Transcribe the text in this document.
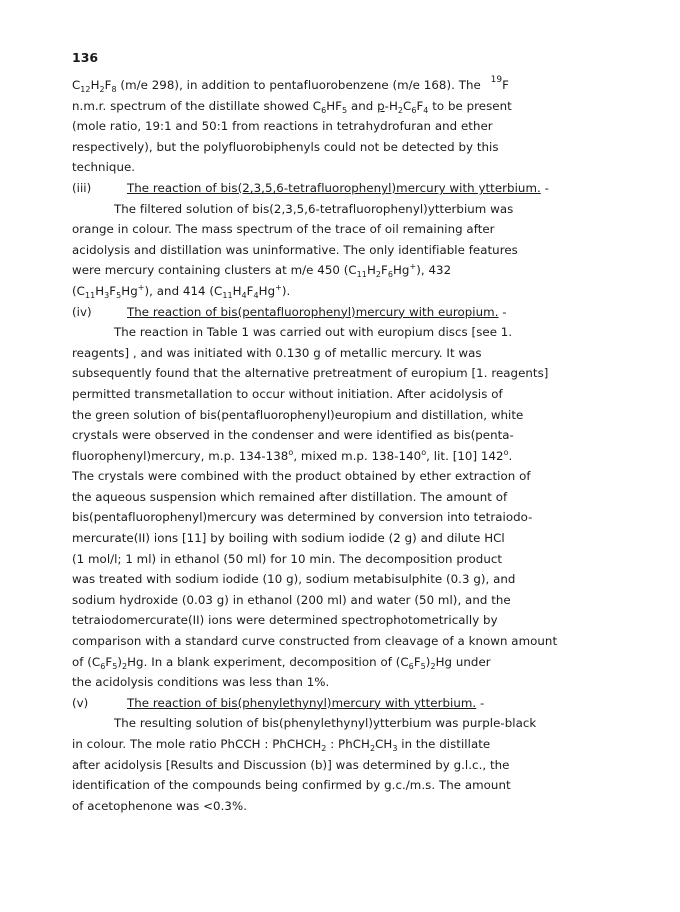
136
$C_{12}H_2F_8$ (m/e 298), in addition to pentafluorobenzene (m/e 168). The $^{19}$F
n.m.r. spectrum of the distillate showed $C_6HF_5$ and $p-H_2C_6F_4$ to be present
(mole ratio, 19:1 and 50:1 from reactions in tetrahydrofuran and ether
respectively), but the polyfluorobiphenyls could not be detected by this
technique.
(iii)	The reaction of bis(2,3,5,6-tetrafluorophenyl)mercury with ytterbium. -
The filtered solution of bis(2,3,5,6-tetrafluorophenyl)ytterbium was
orange in colour. The mass spectrum of the trace of oil remaining after
acidolysis and distillation was uninformative. The only identifiable features
were mercury containing clusters at m/e 450 $(C_{11}H_2F_6Hg^+)$, 432
$(C_{11}H_3F_5Hg^+)$, and 414 $(C_{11}H_4F_4Hg^+)$.
(iv)	The reaction of bis(pentafluorophenyl)mercury with europium. -
The reaction in Table 1 was carried out with europium discs [see 1.
reagents] , and was initiated with 0.130 g of metallic mercury. It was
subsequently found that the alternative pretreatment of europium [1. reagents]
permitted transmetallation to occur without initiation. After acidolysis of
the green solution of bis(pentafluorophenyl)europium and distillation, white
crystals were observed in the condenser and were identified as bis(penta-
fluorophenyl)mercury, m.p. 134-138$^o$, mixed m.p. 138-140$^o$, lit. [10] 142$^o$.
The crystals were combined with the product obtained by ether extraction of
the aqueous suspension which remained after distillation. The amount of
bis(pentafluorophenyl)mercury was determined by conversion into tetraiodo-
mercurate(II) ions [11] by boiling with sodium iodide (2 g) and dilute HCl
(1 mol/l; 1 ml) in ethanol (50 ml) for 10 min. The decomposition product
was treated with sodium iodide (10 g), sodium metabisulphite (0.3 g), and
sodium hydroxide (0.03 g) in ethanol (200 ml) and water (50 ml), and the
tetraiodomercurate(II) ions were determined spectrophotometrically by
comparison with a standard curve constructed from cleavage of a known amount
of $(C_6F_5)_2Hg$. In a blank experiment, decomposition of $(C_6F_5)_2Hg$ under
the acidolysis conditions was less than 1%.
(v)	The reaction of bis(phenylethynyl)mercury with ytterbium. -
The resulting solution of bis(phenylethynyl)ytterbium was purple-black
in colour. The mole ratio PhCCH : PhCHCH$_2$ : $PhCH_2CH_3$ in the distillate
after acidolysis [Results and Discussion (b)] was determined by g.l.c., the
identification of the compounds being confirmed by g.c./m.s. The amount
of acetophenone was <0.3%.
